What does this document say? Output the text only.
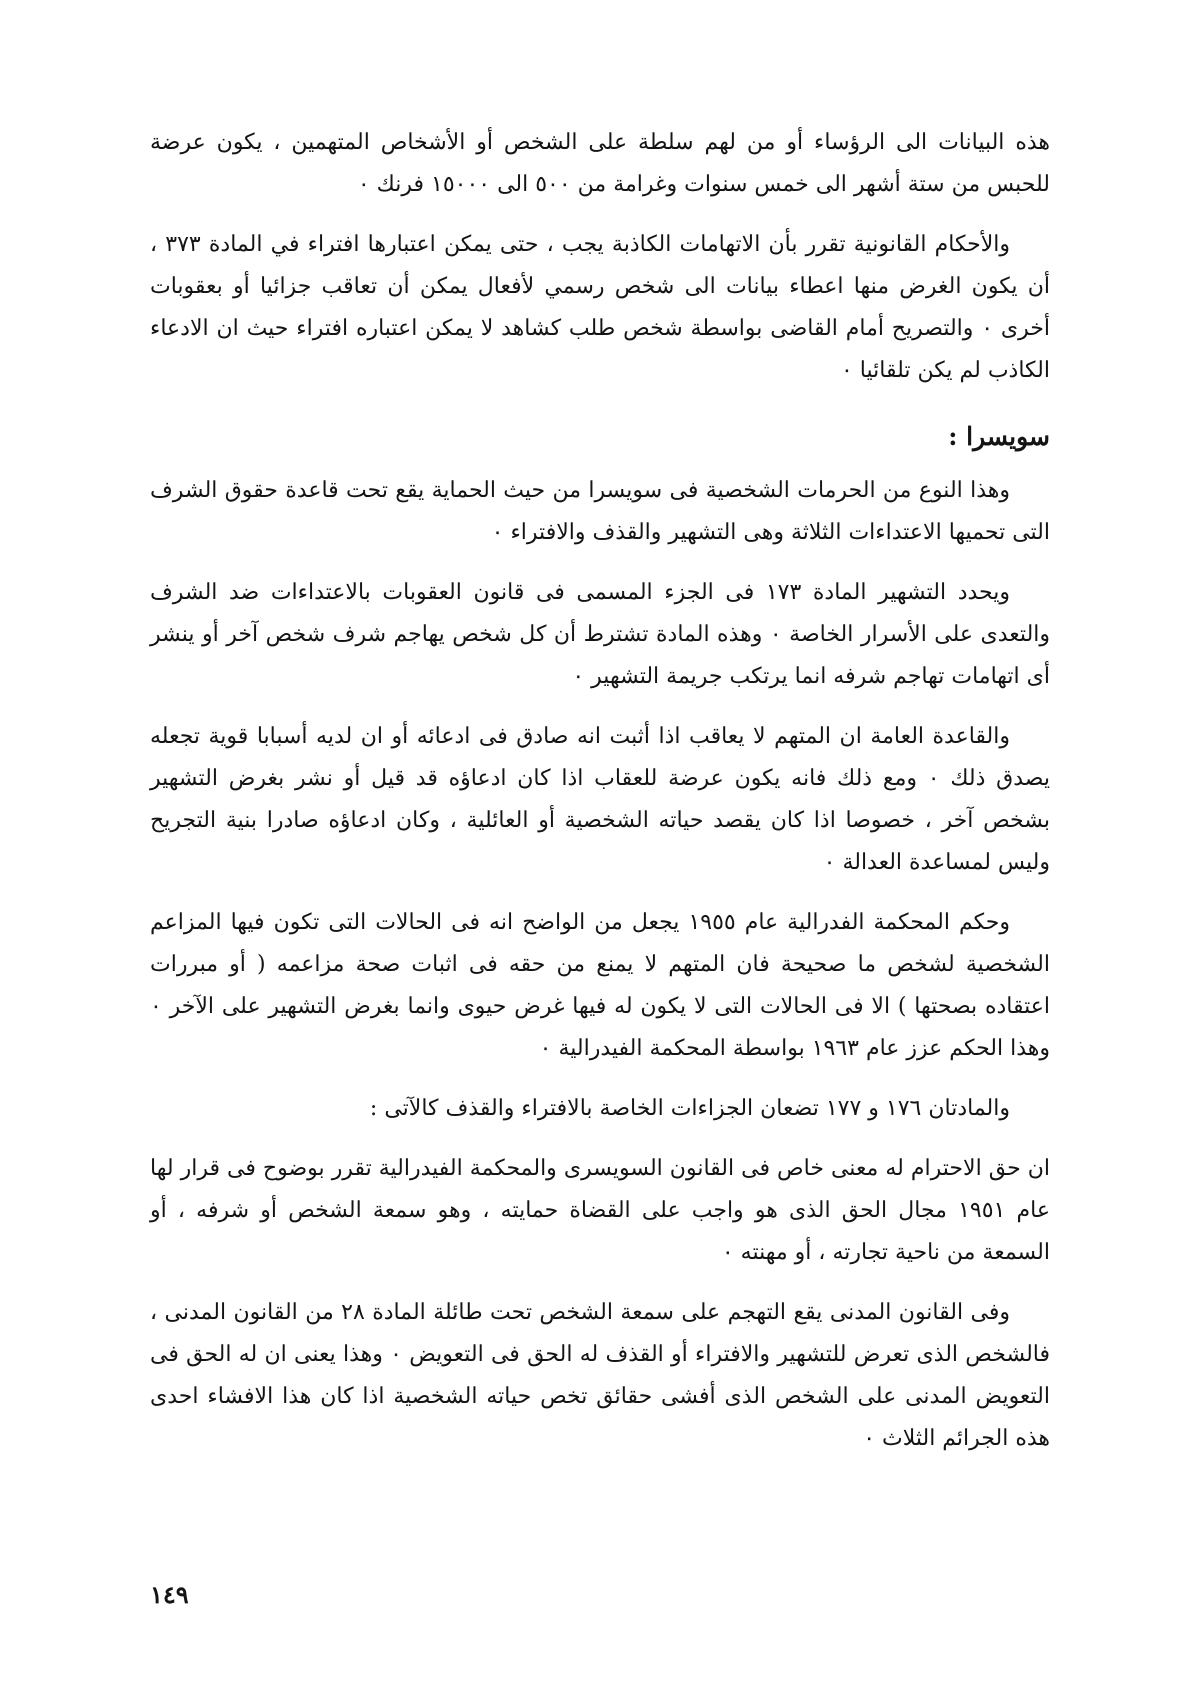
هذه البيانات الى الرؤساء أو من لهم سلطة على الشخص أو الأشخاص المتهمين ، يكون عرضة للحبس من ستة أشهر الى خمس سنوات وغرامة من ٥٠٠ الى ١٥٠٠٠ فرنك ٠

والأحكام القانونية تقرر بأن الاتهامات الكاذبة يجب ، حتى يمكن اعتبارها افتراء في المادة ٣٧٣ ، أن يكون الغرض منها اعطاء بيانات الى شخص رسمي لأفعال يمكن أن تعاقب جزائيا أو بعقوبات أخرى ٠ والتصريح أمام القاضى بواسطة شخص طلب كشاهد لا يمكن اعتباره افتراء حيث ان الادعاء الكاذب لم يكن تلقائيا ٠

سويسرا :

وهذا النوع من الحرمات الشخصية فى سويسرا من حيث الحماية يقع تحت قاعدة حقوق الشرف التى تحميها الاعتداءات الثلاثة وهى التشهير والقذف والافتراء ٠

ويحدد التشهير المادة ١٧٣ فى الجزء المسمى فى قانون العقوبات بالاعتداءات ضد الشرف والتعدى على الأسرار الخاصة ٠ وهذه المادة تشترط أن كل شخص يهاجم شرف شخص آخر أو ينشر أى اتهامات تهاجم شرفه انما يرتكب جريمة التشهير ٠

والقاعدة العامة ان المتهم لا يعاقب اذا أثبت انه صادق فى ادعائه أو ان لديه أسبابا قوية تجعله يصدق ذلك ٠ ومع ذلك فانه يكون عرضة للعقاب اذا كان ادعاؤه قد قيل أو نشر بغرض التشهير بشخص آخر ، خصوصا اذا كان يقصد حياته الشخصية أو العائلية ، وكان ادعاؤه صادرا بنية التجريح وليس لمساعدة العدالة ٠

وحكم المحكمة الفدرالية عام ١٩٥٥ يجعل من الواضح انه فى الحالات التى تكون فيها المزاعم الشخصية لشخص ما صحيحة فان المتهم لا يمنع من حقه فى اثبات صحة مزاعمه ( أو مبررات اعتقاده بصحتها ) الا فى الحالات التى لا يكون له فيها غرض حيوى وانما بغرض التشهير على الآخر ٠ وهذا الحكم عزز عام ١٩٦٣ بواسطة المحكمة الفيدرالية ٠

والمادتان ١٧٦ و ١٧٧ تضعان الجزاءات الخاصة بالافتراء والقذف كالآتى :

ان حق الاحترام له معنى خاص فى القانون السويسرى والمحكمة الفيدرالية تقرر بوضوح فى قرار لها عام ١٩٥١ مجال الحق الذى هو واجب على القضاة حمايته ، وهو سمعة الشخص أو شرفه ، أو السمعة من ناحية تجارته ، أو مهنته ٠

وفى القانون المدنى يقع التهجم على سمعة الشخص تحت طائلة المادة ٢٨ من القانون المدنى ، فالشخص الذى تعرض للتشهير والافتراء أو القذف له الحق فى التعويض ٠ وهذا يعنى ان له الحق فى التعويض المدنى على الشخص الذى أفشى حقائق تخص حياته الشخصية اذا كان هذا الافشاء احدى هذه الجرائم الثلاث ٠

١٤٩
